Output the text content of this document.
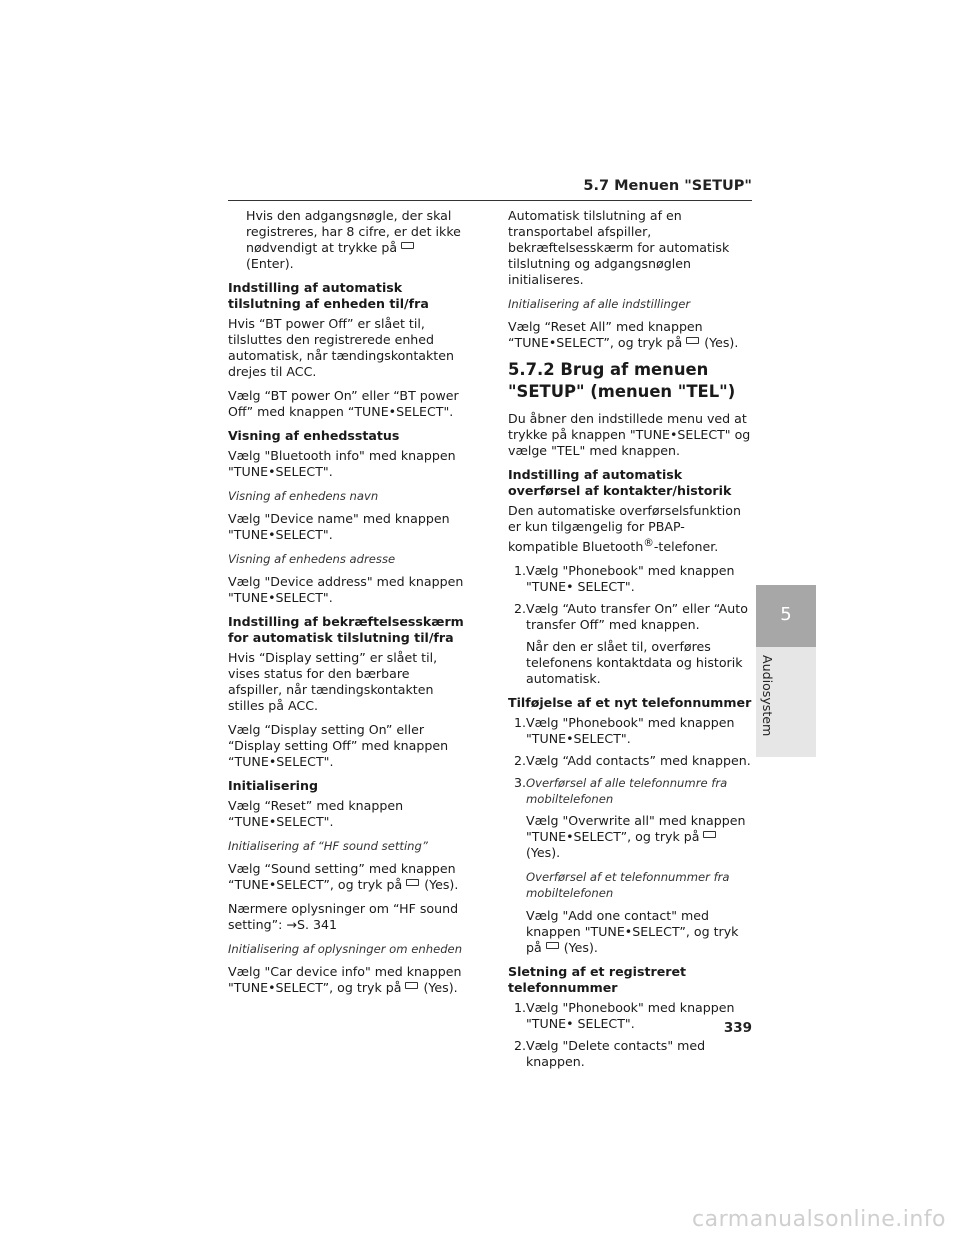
5.7 Menuen "SETUP"

Hvis den adgangsnøgle, der skal registreres, har 8 cifre, er det ikke nødvendigt at trykke på(Enter).

Indstilling af automatisk tilslutning af enheden til/fra

Hvis “BT power Off” er slået til, tilsluttes den registrerede enhed automatisk, når tændingskontakten drejes til ACC.

Vælg “BT power On” eller “BT power Off” med knappen “TUNE•SELECT".

Visning af enhedsstatus

Vælg "Bluetooth info" med knappen "TUNE•SELECT".

Visning af enhedens navn

Vælg "Device name" med knappen "TUNE•SELECT".

Visning af enhedens adresse

Vælg "Device address" med knappen "TUNE•SELECT".

Indstilling af bekræftelsesskærm for automatisk tilslutning til/fra

Hvis “Display setting” er slået til, vises status for den bærbare afspiller, når tændingskontakten stilles på ACC.

Vælg “Display setting On” eller “Display setting Off” med knappen “TUNE•SELECT".

Initialisering

Vælg “Reset” med knappen “TUNE•SELECT".

Initialisering af “HF sound setting”

Vælg “Sound setting” med knappen “TUNE•SELECT”, og tryk på (Yes).

Nærmere oplysninger om “HF sound setting”: →S. 341

Initialisering af oplysninger om enheden

Vælg "Car device info" med knappen "TUNE•SELECT”, og tryk på (Yes).

Automatisk tilslutning af en transportabel afspiller, bekræftelsesskærm for automatisk tilslutning og adgangsnøglen initialiseres.

Initialisering af alle indstillinger

Vælg “Reset All” med knappen “TUNE•SELECT”, og tryk på (Yes).

5.7.2 Brug af menuen "SETUP" (menuen "TEL")

Du åbner den indstillede menu ved at trykke på knappen "TUNE•SELECT" og vælge "TEL" med knappen.

Indstilling af automatisk overførsel af kontakter/historik

Den automatiske overførselsfunktion er kun tilgængelig for PBAP-kompatible Bluetooth®-telefoner.

1. Vælg "Phonebook" med knappen "TUNE• SELECT".
2. Vælg “Auto transfer On” eller “Auto transfer Off” med knappen.

Når den er slået til, overføres telefonens kontaktdata og historik automatisk.

Tilføjelse af et nyt telefonnummer

1. Vælg "Phonebook" med knappen "TUNE•SELECT".
2. Vælg “Add contacts” med knappen.
3. Overførsel af alle telefonnumre fra mobiltelefonen

Vælg "Overwrite all" med knappen "TUNE•SELECT”, og tryk på(Yes).

Overførsel af et telefonnummer fra mobiltelefonen

Vælg "Add one contact" med knappen "TUNE•SELECT”, og tryk på (Yes).

Sletning af et registreret telefonnummer

1. Vælg "Phonebook" med knappen "TUNE• SELECT".
2. Vælg "Delete contacts" med knappen.
5
Audiosystem
339
carmanualsonline.info
